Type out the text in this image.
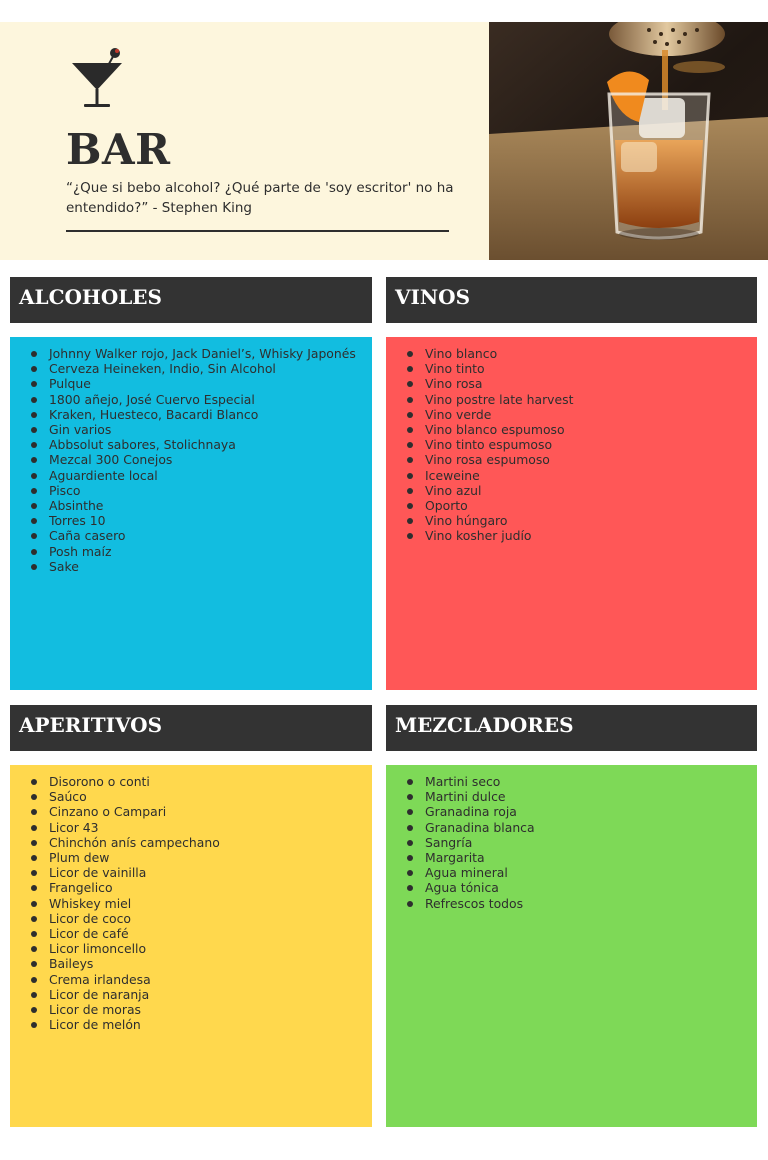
BAR
“¿Que si bebo alcohol? ¿Qué parte de 'soy escritor' no ha entendido?” - Stephen King
ALCOHOLES
Johnny Walker rojo, Jack Daniel’s, Whisky Japonés
Cerveza Heineken, Indio, Sin Alcohol
Pulque
1800 añejo, José Cuervo Especial
Kraken, Huesteco, Bacardi Blanco
Gin varios
Abbsolut sabores, Stolichnaya
Mezcal 300 Conejos
Aguardiente local
Pisco
Absinthe
Torres 10
Caña casero
Posh maíz
Sake
VINOS
Vino blanco
Vino tinto
Vino rosa
Vino postre late harvest
Vino verde
Vino blanco espumoso
Vino tinto espumoso
Vino rosa espumoso
Iceweine
Vino azul
Oporto
Vino húngaro
Vino kosher judío
APERITIVOS
Disorono o conti
Saúco
Cinzano o Campari
Licor 43
Chinchón anís campechano
Plum dew
Licor de vainilla
Frangelico
Whiskey miel
Licor de coco
Licor de café
Licor limoncello
Baileys
Crema irlandesa
Licor de naranja
Licor de moras
Licor de melón
MEZCLADORES
Martini seco
Martini dulce
Granadina roja
Granadina blanca
Sangría
Margarita
Agua mineral
Agua tónica
Refrescos todos
